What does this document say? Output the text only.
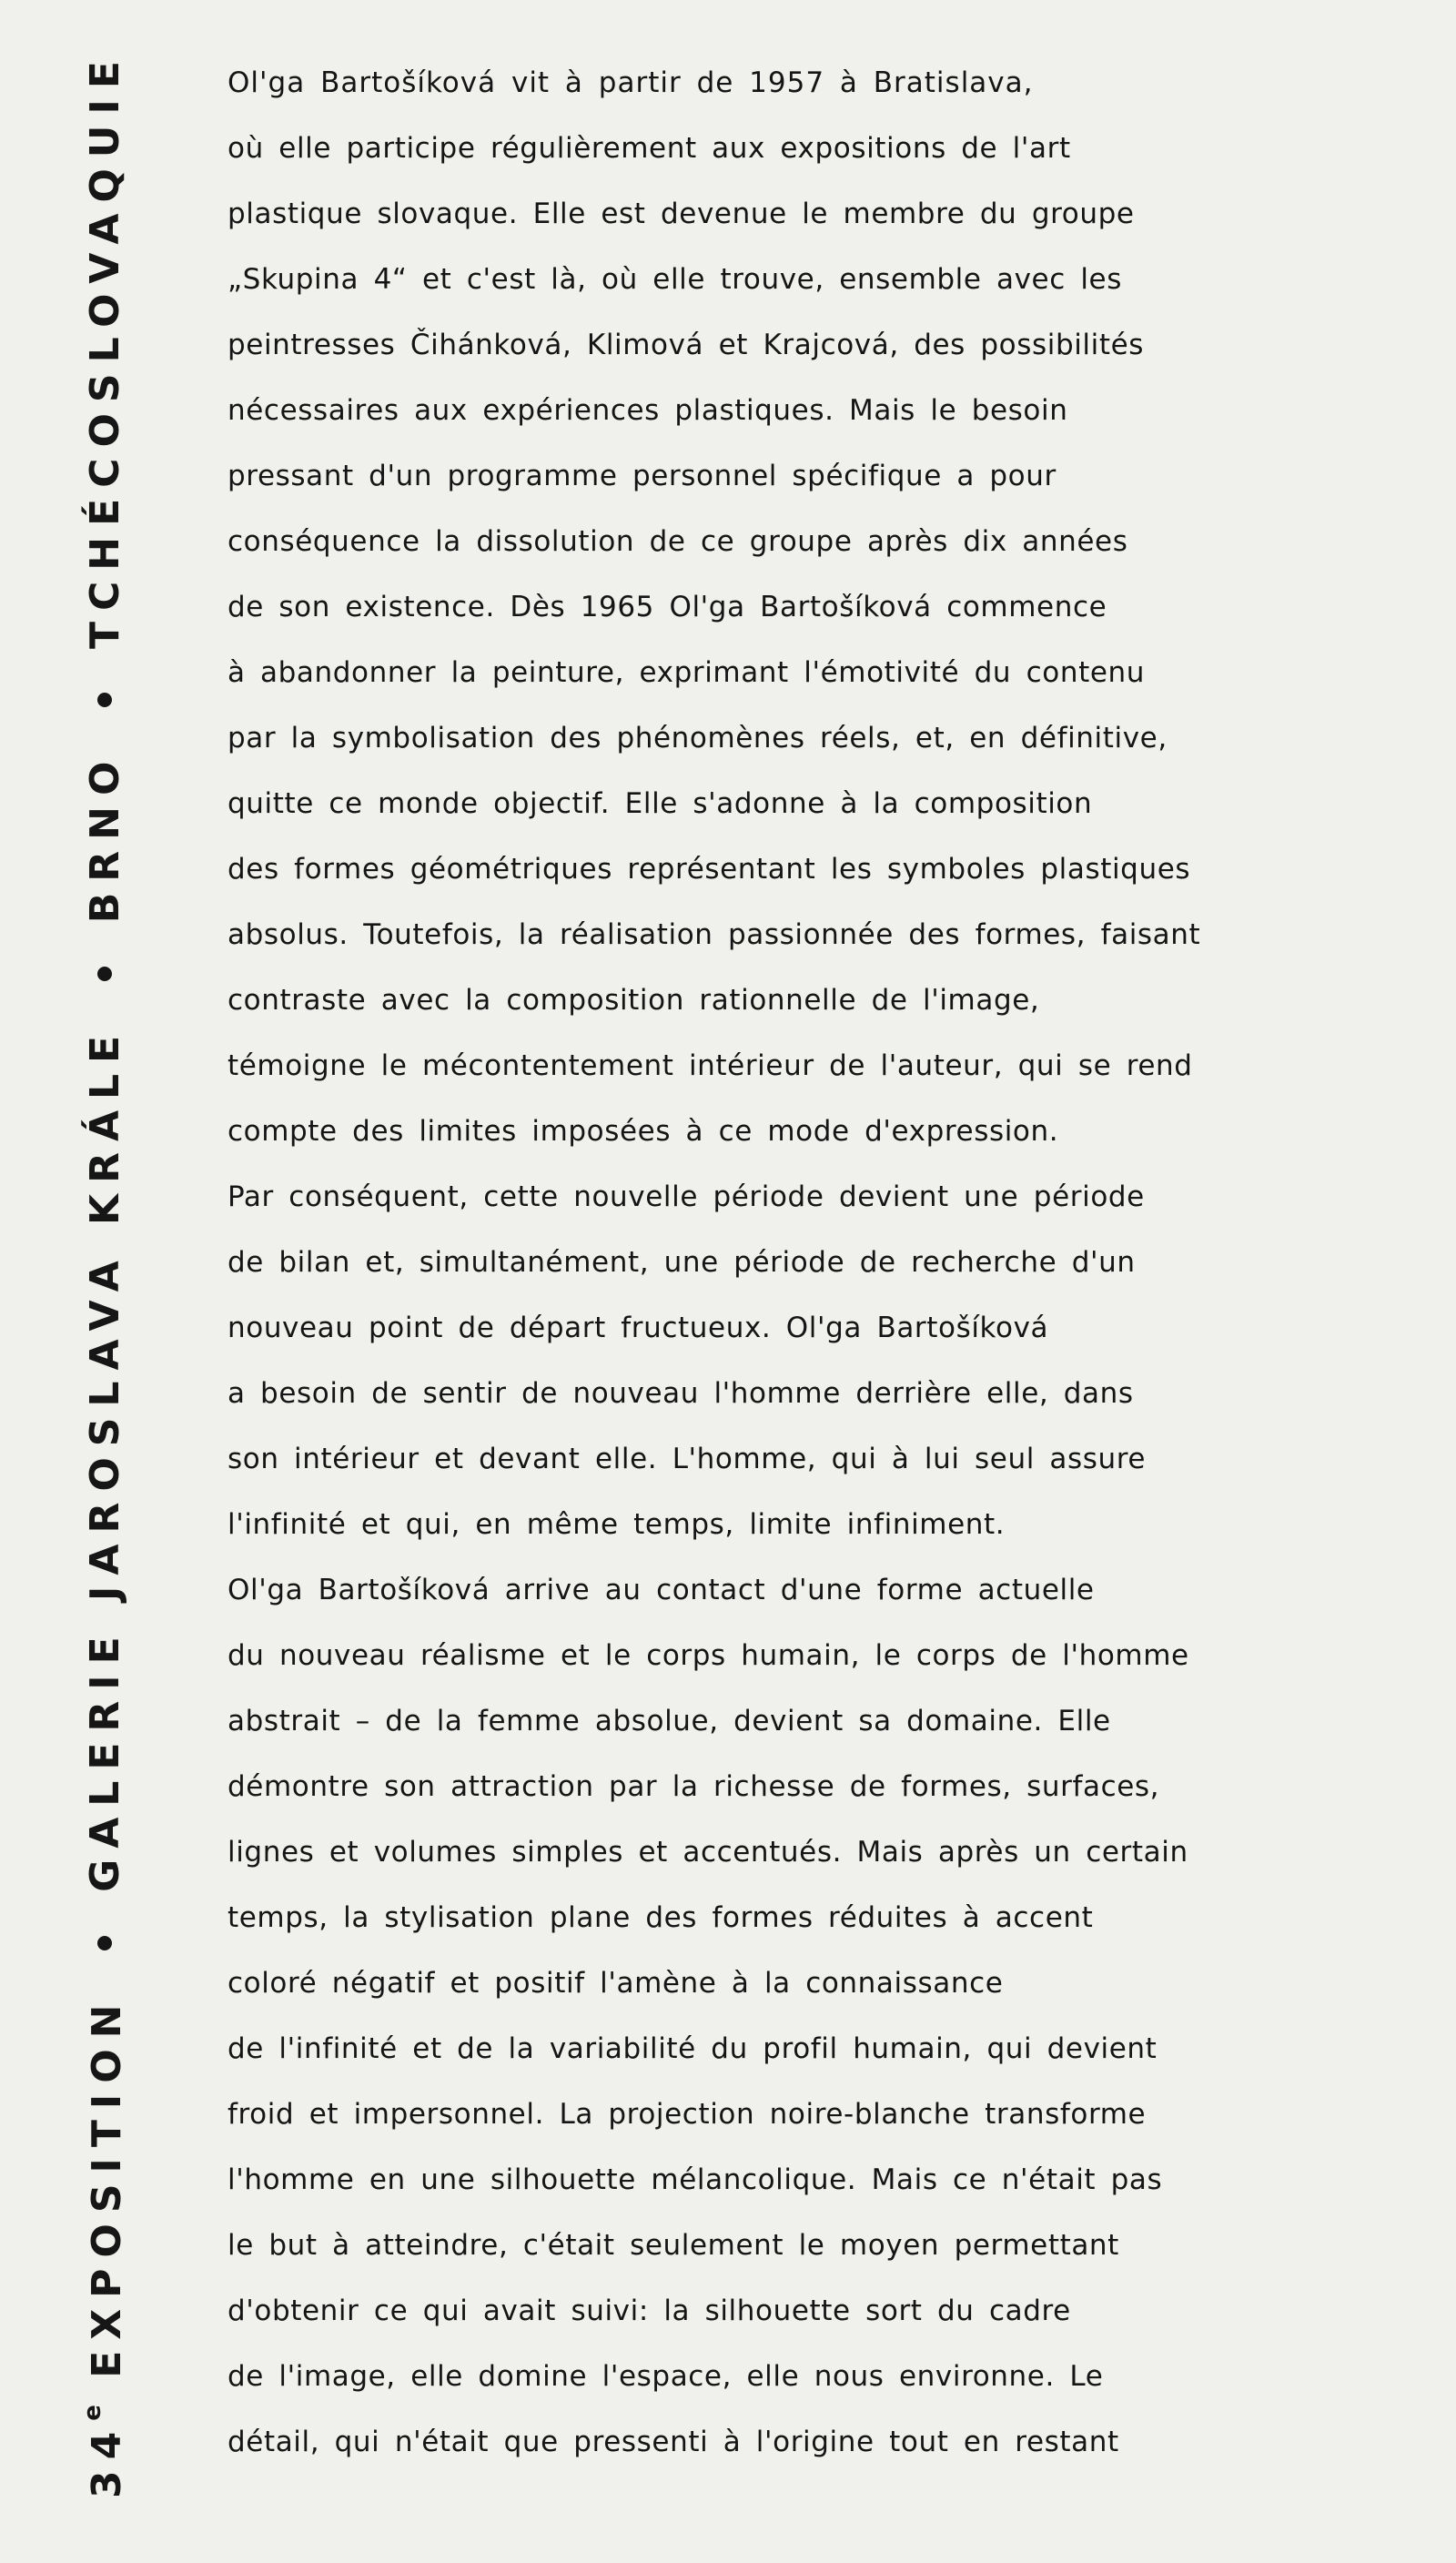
34e EXPOSITION
GALERIE JAROSLAVA KRÁLE
BRNO
TCHÉCOSLOVAQUIE	Ol'ga Bartošíková vit à partir de 1957 à Bratislava,
où elle participe régulièrement aux expositions de l'art
plastique slovaque. Elle est devenue le membre du groupe
„Skupina 4“ et c'est là, où elle trouve, ensemble avec les
peintresses Čihánková, Klimová et Krajcová, des possibilités
nécessaires aux expériences plastiques. Mais le besoin
pressant d'un programme personnel spécifique a pour
conséquence la dissolution de ce groupe après dix années
de son existence. Dès 1965 Ol'ga Bartošíková commence
à abandonner la peinture, exprimant l'émotivité du contenu
par la symbolisation des phénomènes réels, et, en définitive,
quitte ce monde objectif. Elle s'adonne à la composition
des formes géométriques représentant les symboles plastiques
absolus. Toutefois, la réalisation passionnée des formes, faisant
contraste avec la composition rationnelle de l'image,
témoigne le mécontentement intérieur de l'auteur, qui se rend
compte des limites imposées à ce mode d'expression.
Par conséquent, cette nouvelle période devient une période
de bilan et, simultanément, une période de recherche d'un
nouveau point de départ fructueux. Ol'ga Bartošíková
a besoin de sentir de nouveau l'homme derrière elle, dans
son intérieur et devant elle. L'homme, qui à lui seul assure
l'infinité et qui, en même temps, limite infiniment.
Ol'ga Bartošíková arrive au contact d'une forme actuelle
du nouveau réalisme et le corps humain, le corps de l'homme
abstrait – de la femme absolue, devient sa domaine. Elle
démontre son attraction par la richesse de formes, surfaces,
lignes et volumes simples et accentués. Mais après un certain
temps, la stylisation plane des formes réduites à accent
coloré négatif et positif l'amène à la connaissance
de l'infinité et de la variabilité du profil humain, qui devient
froid et impersonnel. La projection noire-blanche transforme
l'homme en une silhouette mélancolique. Mais ce n'était pas
le but à atteindre, c'était seulement le moyen permettant
d'obtenir ce qui avait suivi: la silhouette sort du cadre
de l'image, elle domine l'espace, elle nous environne. Le
détail, qui n'était que pressenti à l'origine tout en restant
